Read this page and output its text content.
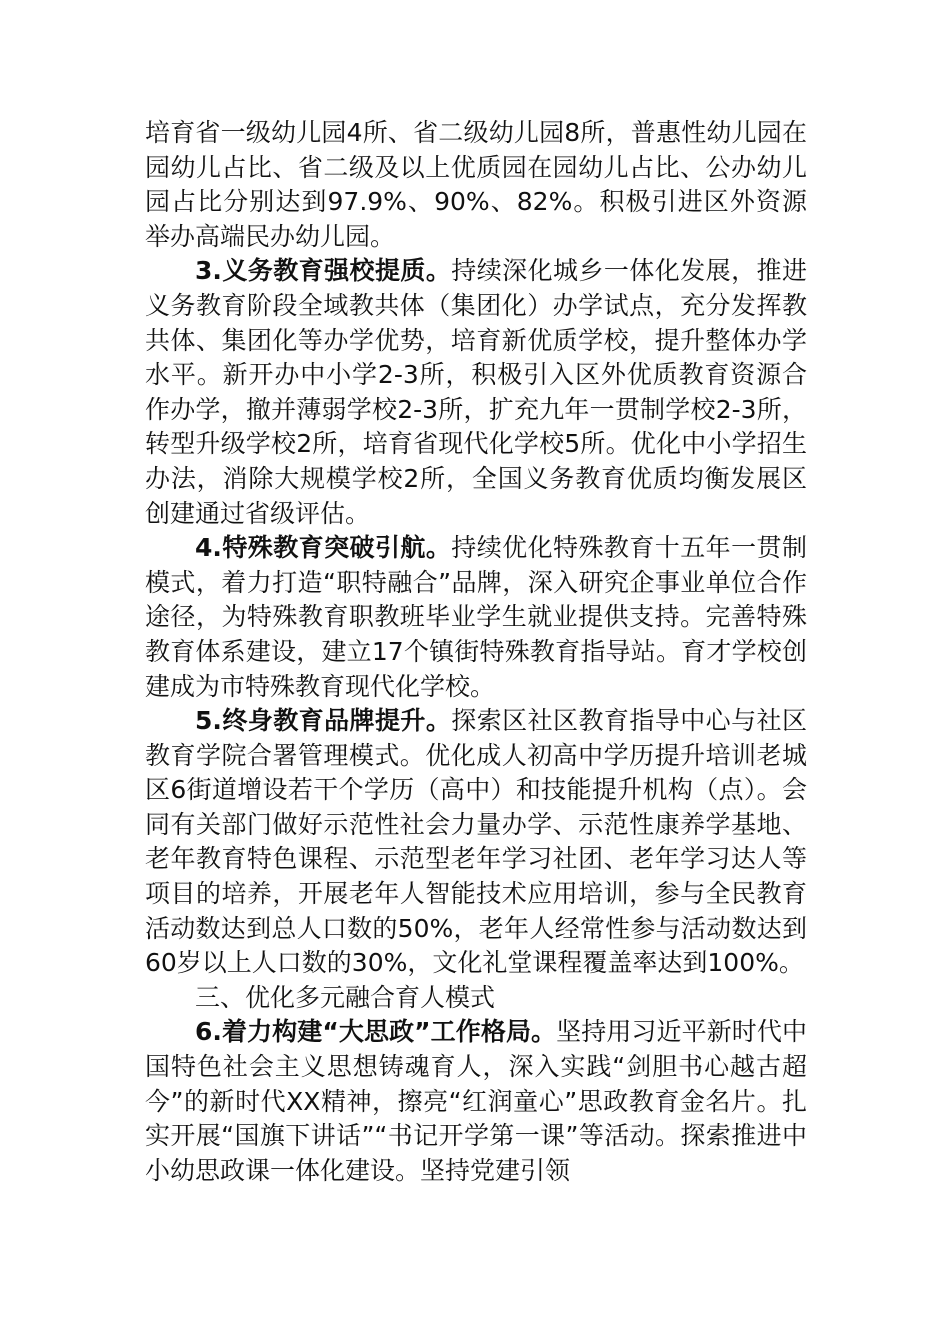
培育省一级幼儿园4所、省二级幼儿园8所，普惠性幼儿园在园幼儿占比、省二级及以上优质园在园幼儿占比、公办幼儿园占比分别达到97.9%、90%、82%。积极引进区外资源举办高端民办幼儿园。

3.义务教育强校提质。持续深化城乡一体化发展，推进义务教育阶段全域教共体（集团化）办学试点，充分发挥教共体、集团化等办学优势，培育新优质学校，提升整体办学水平。新开办中小学2-3所，积极引入区外优质教育资源合作办学，撤并薄弱学校2-3所，扩充九年一贯制学校2-3所，转型升级学校2所，培育省现代化学校5所。优化中小学招生办法，消除大规模学校2所，全国义务教育优质均衡发展区创建通过省级评估。

4.特殊教育突破引航。持续优化特殊教育十五年一贯制模式，着力打造“职特融合”品牌，深入研究企事业单位合作途径，为特殊教育职教班毕业学生就业提供支持。完善特殊教育体系建设，建立17个镇街特殊教育指导站。育才学校创建成为市特殊教育现代化学校。

5.终身教育品牌提升。探索区社区教育指导中心与社区教育学院合署管理模式。优化成人初高中学历提升培训老城区6街道增设若干个学历（高中）和技能提升机构（点）。会同有关部门做好示范性社会力量办学、示范性康养学基地、老年教育特色课程、示范型老年学习社团、老年学习达人等项目的培养，开展老年人智能技术应用培训，参与全民教育活动数达到总人口数的50%，老年人经常性参与活动数达到60岁以上人口数的30%，文化礼堂课程覆盖率达到100%。

三、优化多元融合育人模式

6.着力构建“大思政”工作格局。坚持用习近平新时代中国特色社会主义思想铸魂育人，深入实践“剑胆书心越古超今”的新时代XX精神，擦亮“红润童心”思政教育金名片。扎实开展“国旗下讲话”“书记开学第一课”等活动。探索推进中小幼思政课一体化建设。坚持党建引领
